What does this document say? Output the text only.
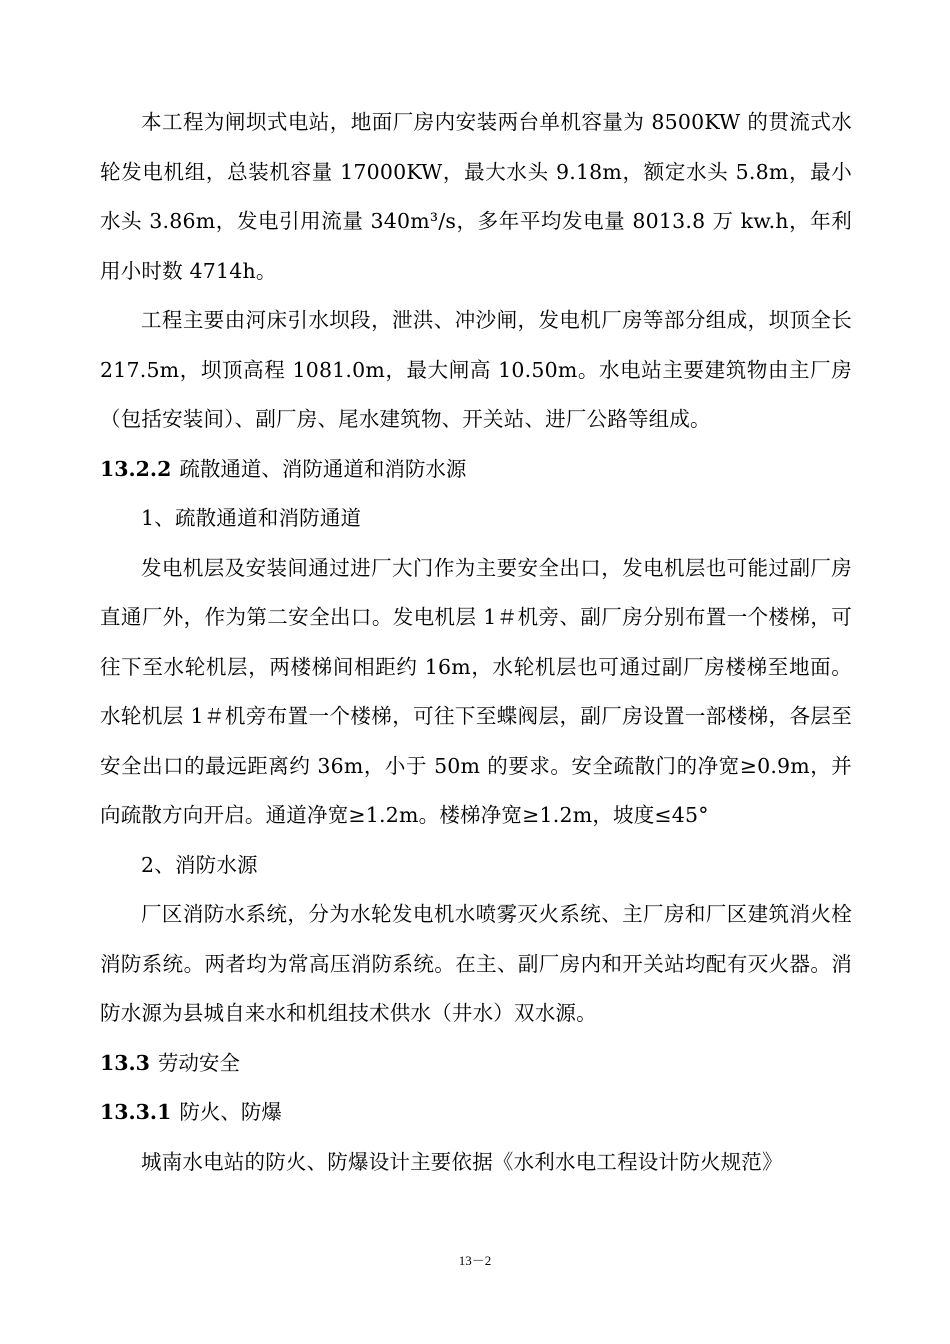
本工程为闸坝式电站，地面厂房内安装两台单机容量为 8500KW 的贯流式水轮发电机组，总装机容量 17000KW，最大水头 9.18m，额定水头 5.8m，最小水头 3.86m，发电引用流量 340m³/s，多年平均发电量 8013.8 万 kw.h，年利用小时数 4714h。

工程主要由河床引水坝段，泄洪、冲沙闸，发电机厂房等部分组成，坝顶全长 217.5m，坝顶高程 1081.0m，最大闸高 10.50m。水电站主要建筑物由主厂房（包括安装间）、副厂房、尾水建筑物、开关站、进厂公路等组成。

13.2.2 疏散通道、消防通道和消防水源

1、疏散通道和消防通道

发电机层及安装间通过进厂大门作为主要安全出口，发电机层也可能过副厂房直通厂外，作为第二安全出口。发电机层 1＃机旁、副厂房分别布置一个楼梯，可往下至水轮机层，两楼梯间相距约 16m，水轮机层也可通过副厂房楼梯至地面。水轮机层 1＃机旁布置一个楼梯，可往下至蝶阀层，副厂房设置一部楼梯，各层至安全出口的最远距离约 36m，小于 50m 的要求。安全疏散门的净宽≥0.9m，并向疏散方向开启。通道净宽≥1.2m。楼梯净宽≥1.2m，坡度≤45°

2、消防水源

厂区消防水系统，分为水轮发电机水喷雾灭火系统、主厂房和厂区建筑消火栓消防系统。两者均为常高压消防系统。在主、副厂房内和开关站均配有灭火器。消防水源为县城自来水和机组技术供水（井水）双水源。

13.3 劳动安全

13.3.1 防火、防爆

城南水电站的防火、防爆设计主要依据《水利水电工程设计防火规范》

13－2
